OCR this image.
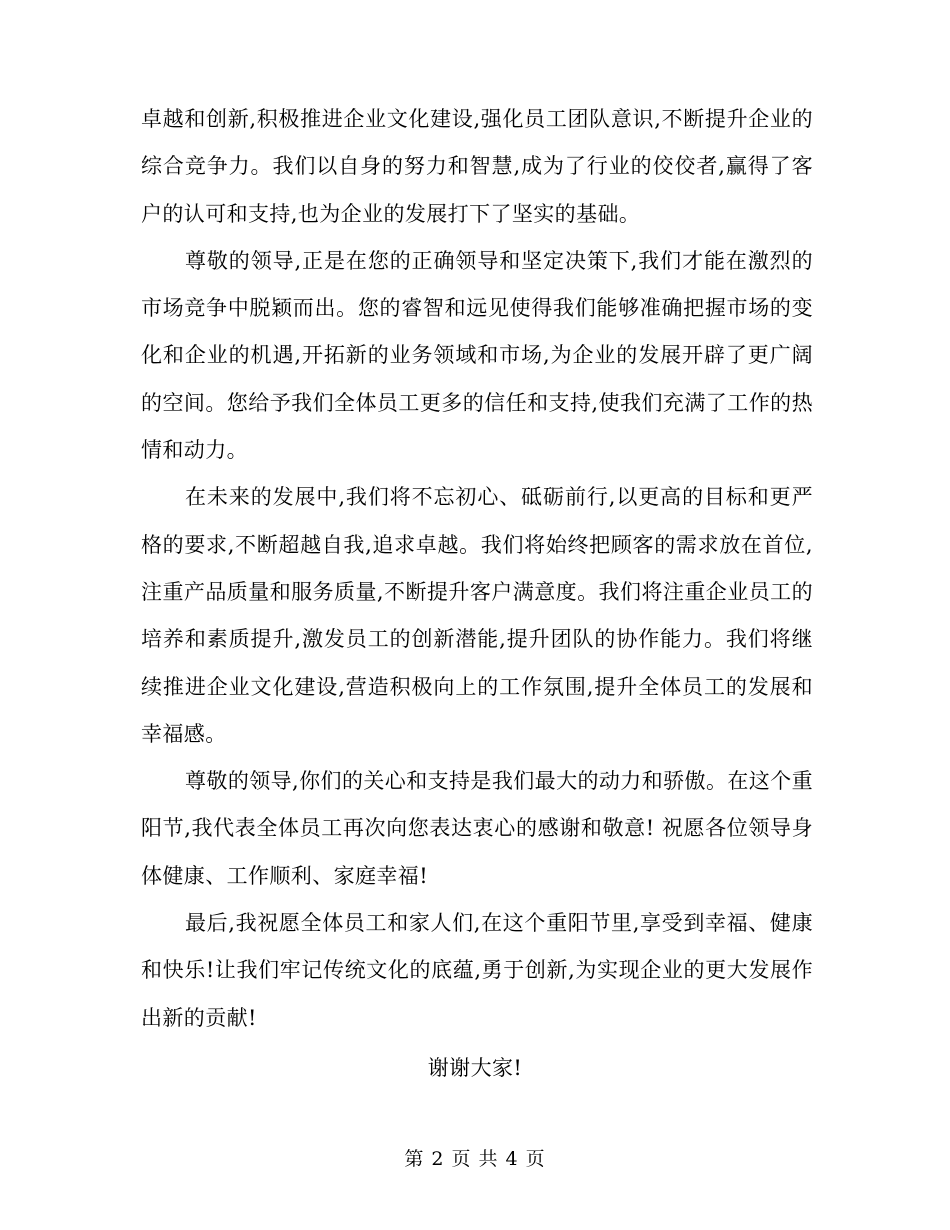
卓越和创新,积极推进企业文化建设,强化员工团队意识,不断提升企业的综合竞争力。我们以自身的努力和智慧,成为了行业的佼佼者,赢得了客户的认可和支持,也为企业的发展打下了坚实的基础。

尊敬的领导,正是在您的正确领导和坚定决策下,我们才能在激烈的市场竞争中脱颖而出。您的睿智和远见使得我们能够准确把握市场的变化和企业的机遇,开拓新的业务领域和市场,为企业的发展开辟了更广阔的空间。您给予我们全体员工更多的信任和支持,使我们充满了工作的热情和动力。

在未来的发展中,我们将不忘初心、砥砺前行,以更高的目标和更严格的要求,不断超越自我,追求卓越。我们将始终把顾客的需求放在首位,注重产品质量和服务质量,不断提升客户满意度。我们将注重企业员工的培养和素质提升,激发员工的创新潜能,提升团队的协作能力。我们将继续推进企业文化建设,营造积极向上的工作氛围,提升全体员工的发展和幸福感。

尊敬的领导,你们的关心和支持是我们最大的动力和骄傲。在这个重阳节,我代表全体员工再次向您表达衷心的感谢和敬意! 祝愿各位领导身体健康、工作顺利、家庭幸福!

最后,我祝愿全体员工和家人们,在这个重阳节里,享受到幸福、健康和快乐!让我们牢记传统文化的底蕴,勇于创新,为实现企业的更大发展作出新的贡献!

谢谢大家!
第 2 页 共 4 页
